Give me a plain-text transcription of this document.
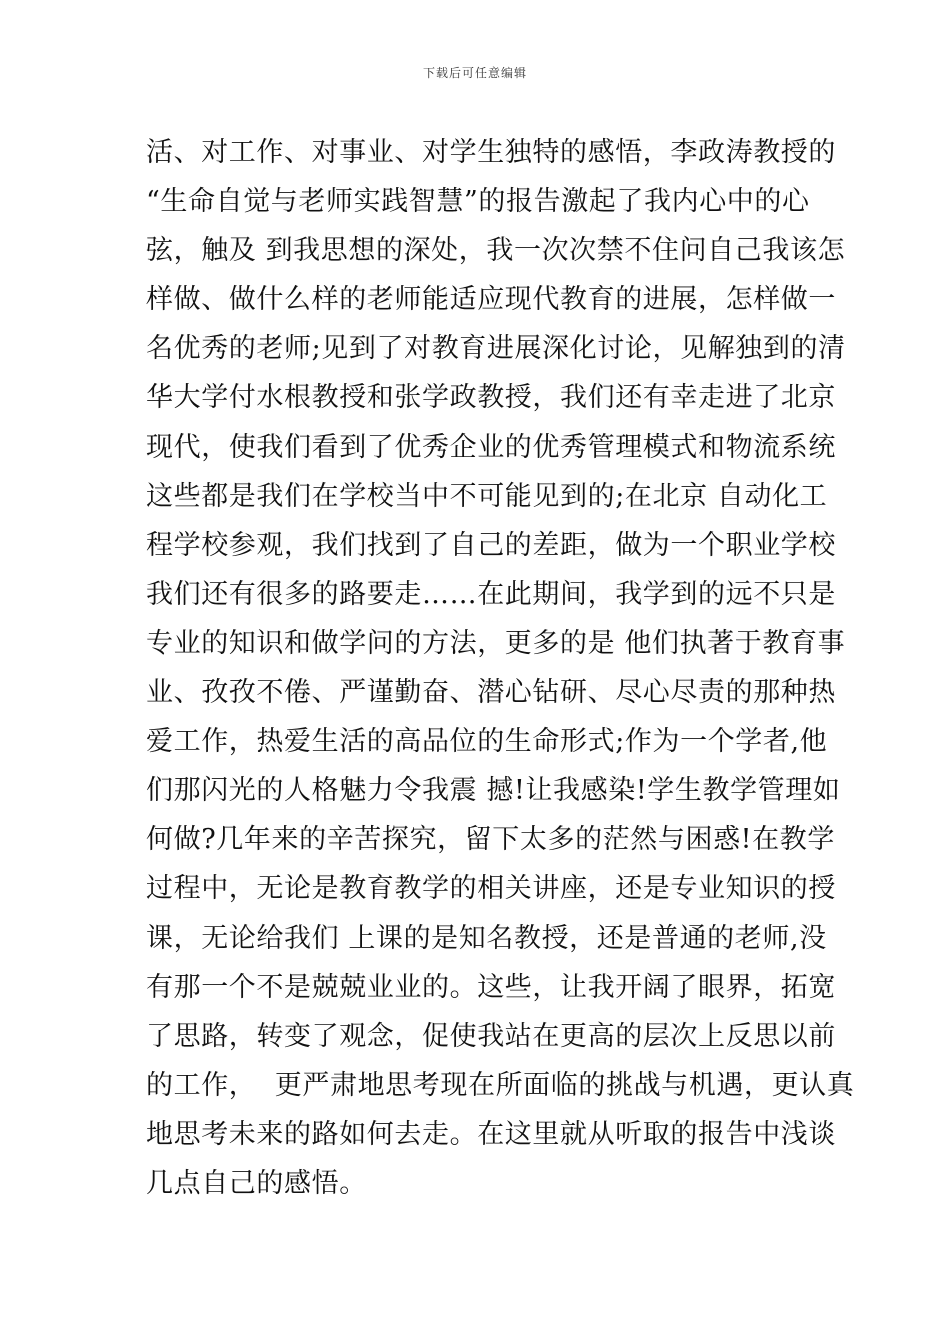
下载后可任意编辑
活、对工作、对事业、对学生独特的感悟，李政涛教授的
“生命自觉与老师实践智慧”的报告激起了我内心中的心
弦，触及 到我思想的深处，我一次次禁不住问自己我该怎
样做、做什么样的老师能适应现代教育的进展，怎样做一
名优秀的老师;见到了对教育进展深化讨论，见解独到的清
华大学付水根教授和张学政教授，我们还有幸走进了北京
现代，使我们看到了优秀企业的优秀管理模式和物流系统
这些都是我们在学校当中不可能见到的;在北京 自动化工
程学校参观，我们找到了自己的差距，做为一个职业学校
我们还有很多的路要走……在此期间，我学到的远不只是
专业的知识和做学问的方法，更多的是 他们执著于教育事
业、孜孜不倦、严谨勤奋、潜心钻研、尽心尽责的那种热
爱工作，热爱生活的高品位的生命形式;作为一个学者,他
们那闪光的人格魅力令我震 撼!让我感染!学生教学管理如
何做?几年来的辛苦探究，留下太多的茫然与困惑!在教学
过程中，无论是教育教学的相关讲座，还是专业知识的授
课，无论给我们 上课的是知名教授，还是普通的老师,没
有那一个不是兢兢业业的。这些，让我开阔了眼界，拓宽
了思路，转变了观念，促使我站在更高的层次上反思以前
的工作，  更严肃地思考现在所面临的挑战与机遇，更认真
地思考未来的路如何去走。在这里就从听取的报告中浅谈
几点自己的感悟。
